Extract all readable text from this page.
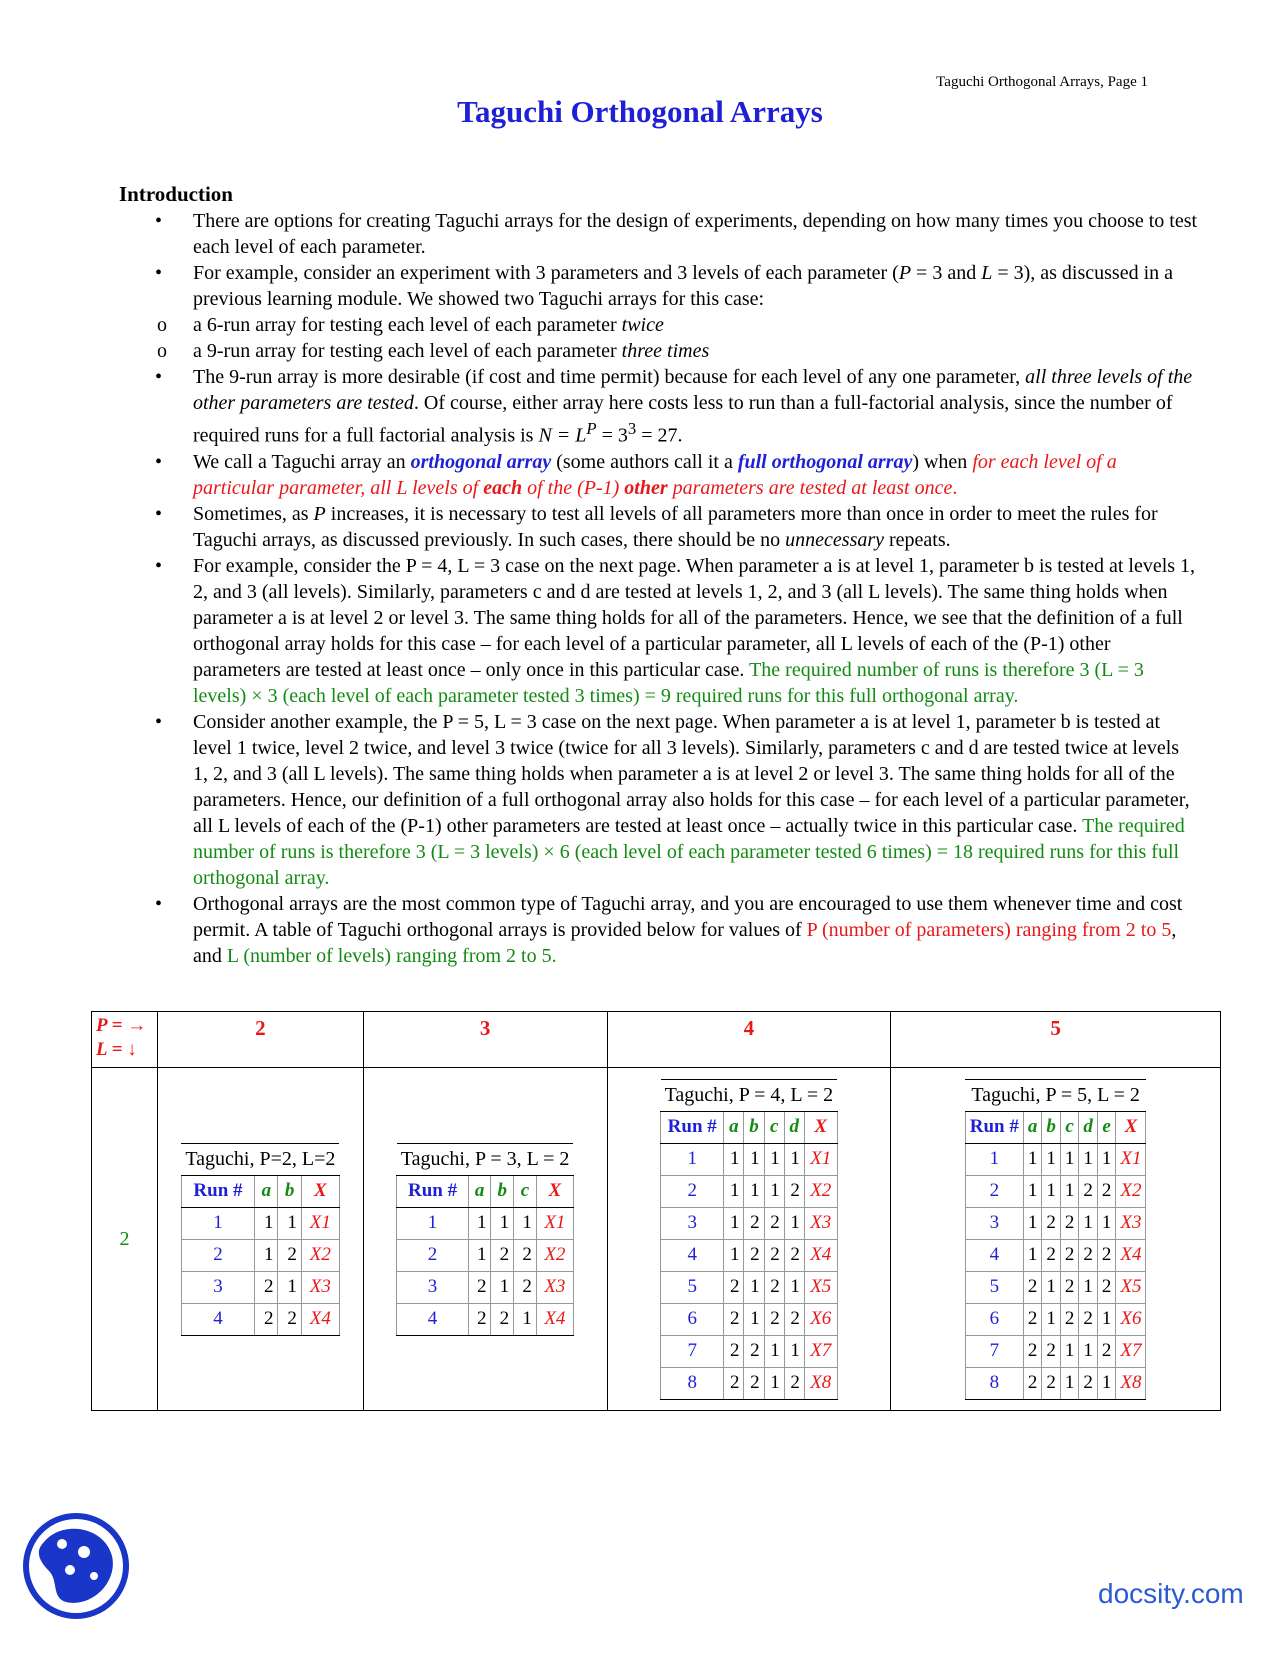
Taguchi Orthogonal Arrays, Page 1
Taguchi Orthogonal Arrays
Introduction
• There are options for creating Taguchi arrays for the design of experiments, depending on how many times you choose to test each level of each parameter.
• For example, consider an experiment with 3 parameters and 3 levels of each parameter (P = 3 and L = 3), as discussed in a previous learning module. We showed two Taguchi arrays for this case:
o a 6-run array for testing each level of each parameter twice
o a 9-run array for testing each level of each parameter three times
• The 9-run array is more desirable (if cost and time permit) because for each level of any one parameter, all three levels of the other parameters are tested. Of course, either array here costs less to run than a full-factorial analysis, since the number of required runs for a full factorial analysis is $N = L^P = 3^3 = 27$.
• We call a Taguchi array an orthogonal array (some authors call it a full orthogonal array) when for each level of a particular parameter, all L levels of each of the (P-1) other parameters are tested at least once.
• Sometimes, as P increases, it is necessary to test all levels of all parameters more than once in order to meet the rules for Taguchi arrays, as discussed previously. In such cases, there should be no unnecessary repeats.
• For example, consider the P = 4, L = 3 case on the next page. When parameter a is at level 1, parameter b is tested at levels 1, 2, and 3 (all levels). Similarly, parameters c and d are tested at levels 1, 2, and 3 (all L levels). The same thing holds when parameter a is at level 2 or level 3. The same thing holds for all of the parameters. Hence, we see that the definition of a full orthogonal array holds for this case – for each level of a particular parameter, all L levels of each of the (P-1) other parameters are tested at least once – only once in this particular case. The required number of runs is therefore 3 (L = 3 levels) × 3 (each level of each parameter tested 3 times) = 9 required runs for this full orthogonal array.
• Consider another example, the P = 5, L = 3 case on the next page. When parameter a is at level 1, parameter b is tested at level 1 twice, level 2 twice, and level 3 twice (twice for all 3 levels). Similarly, parameters c and d are tested twice at levels 1, 2, and 3 (all L levels). The same thing holds when parameter a is at level 2 or level 3. The same thing holds for all of the parameters. Hence, our definition of a full orthogonal array also holds for this case – for each level of a particular parameter, all L levels of each of the (P-1) other parameters are tested at least once – actually twice in this particular case. The required number of runs is therefore 3 (L = 3 levels) × 6 (each level of each parameter tested 6 times) = 18 required runs for this full orthogonal array.
• Orthogonal arrays are the most common type of Taguchi array, and you are encouraged to use them whenever time and cost permit. A table of Taguchi orthogonal arrays is provided below for values of P (number of parameters) ranging from 2 to 5, and L (number of levels) ranging from 2 to 5.
P = →
L = ↓
	2	3	4	5
2	
Taguchi, P=2, L=2
Run #	a	b	X
1	1	1	X1
2	1	2	X2
3	2	1	X3
4	2	2	X4

Taguchi, P = 3, L = 2
Run #	a	b	c	X
1	1	1	1	X1
2	1	2	2	X2
3	2	1	2	X3
4	2	2	1	X4

Taguchi, P = 4, L = 2
Run #	a	b	c	d	X
1	1	1	1	1	X1
2	1	1	1	2	X2
3	1	2	2	1	X3
4	1	2	2	2	X4
5	2	1	2	1	X5
6	2	1	2	2	X6
7	2	2	1	1	X7
8	2	2	1	2	X8

Taguchi, P = 5, L = 2
Run #	a	b	c	d	e	X
1	1	1	1	1	1	X1
2	1	1	1	2	2	X2
3	1	2	2	1	1	X3
4	1	2	2	2	2	X4
5	2	1	2	1	2	X5
6	2	1	2	2	1	X6
7	2	2	1	1	2	X7
8	2	2	1	2	1	X8
docsity.com
